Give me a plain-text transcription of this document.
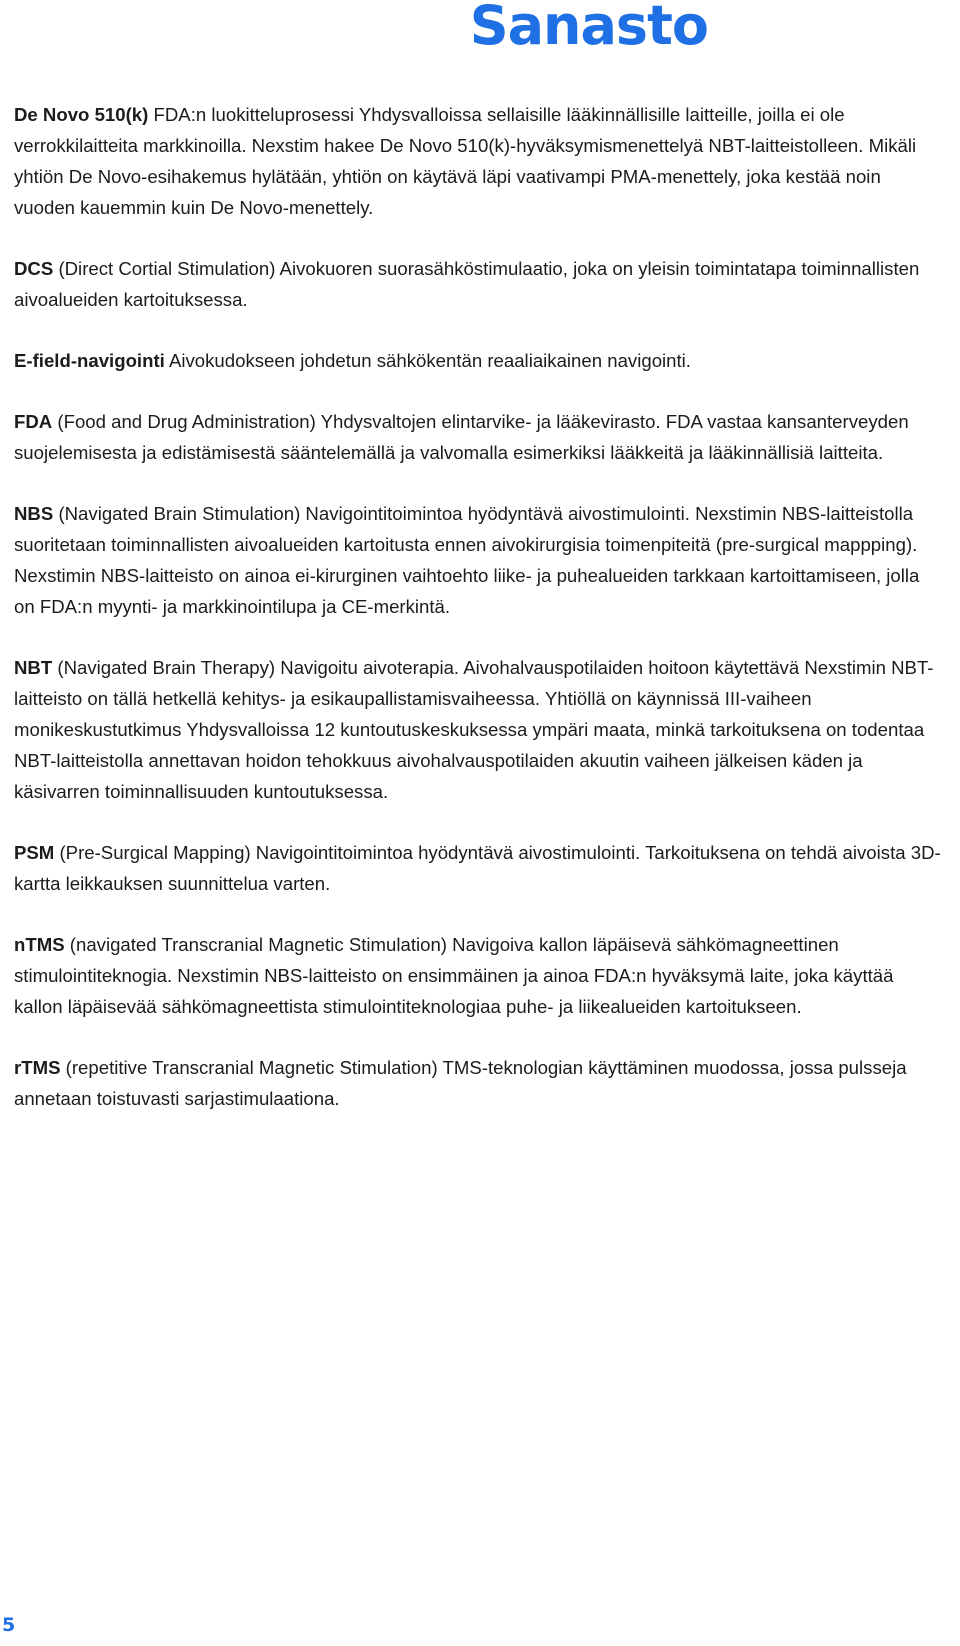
Sanasto

De Novo 510(k) FDA:n luokitteluprosessi Yhdysvalloissa sellaisille lääkinnällisille laitteille, joilla ei ole verrokkilaitteita markkinoilla. Nexstim hakee De Novo 510(k)-hyväksymismenettelyä NBT-laitteistolleen. Mikäli yhtiön De Novo-esihakemus hylätään, yhtiön on käytävä läpi vaativampi PMA-menettely, joka kestää noin vuoden kauemmin kuin De Novo-menettely.

DCS (Direct Cortial Stimulation) Aivokuoren suorasähköstimulaatio, joka on yleisin toimintatapa toiminnallisten aivoalueiden kartoituksessa.

E-field-navigointi Aivokudokseen johdetun sähkökentän reaaliaikainen navigointi.

FDA (Food and Drug Administration) Yhdysvaltojen elintarvike- ja lääkevirasto. FDA vastaa kansanterveyden suojelemisesta ja edistämisestä sääntelemällä ja valvomalla esimerkiksi lääkkeitä ja lääkinnällisiä laitteita.

NBS (Navigated Brain Stimulation) Navigointitoimintoa hyödyntävä aivostimulointi. Nexstimin NBS-laitteistolla suoritetaan toiminnallisten aivoalueiden kartoitusta ennen aivokirurgisia toimenpiteitä (pre-surgical mappping). Nexstimin NBS-laitteisto on ainoa ei-kirurginen vaihtoehto liike- ja puhealueiden tarkkaan kartoittamiseen, jolla on FDA:n myynti- ja markkinointilupa ja CE-merkintä.

NBT (Navigated Brain Therapy) Navigoitu aivoterapia. Aivohalvauspotilaiden hoitoon käytettävä Nexstimin NBT-laitteisto on tällä hetkellä kehitys- ja esikaupallistamisvaiheessa. Yhtiöllä on käynnissä III-vaiheen monikeskustutkimus Yhdysvalloissa 12 kuntoutuskeskuksessa ympäri maata, minkä tarkoituksena on todentaa NBT-laitteistolla annettavan hoidon tehokkuus aivohalvauspotilaiden akuutin vaiheen jälkeisen käden ja käsivarren toiminnallisuuden kuntoutuksessa.

PSM (Pre-Surgical Mapping) Navigointitoimintoa hyödyntävä aivostimulointi. Tarkoituksena on tehdä aivoista 3D-kartta leikkauksen suunnittelua varten.

nTMS (navigated Transcranial Magnetic Stimulation) Navigoiva kallon läpäisevä sähkömagneettinen stimulointiteknogia. Nexstimin NBS-laitteisto on ensimmäinen ja ainoa FDA:n hyväksymä laite, joka käyttää kallon läpäisevää sähkömagneettista stimulointiteknologiaa puhe- ja liikealueiden kartoitukseen.

rTMS (repetitive Transcranial Magnetic Stimulation) TMS-teknologian käyttäminen muodossa, jossa pulsseja annetaan toistuvasti sarjastimulaationa.

5
